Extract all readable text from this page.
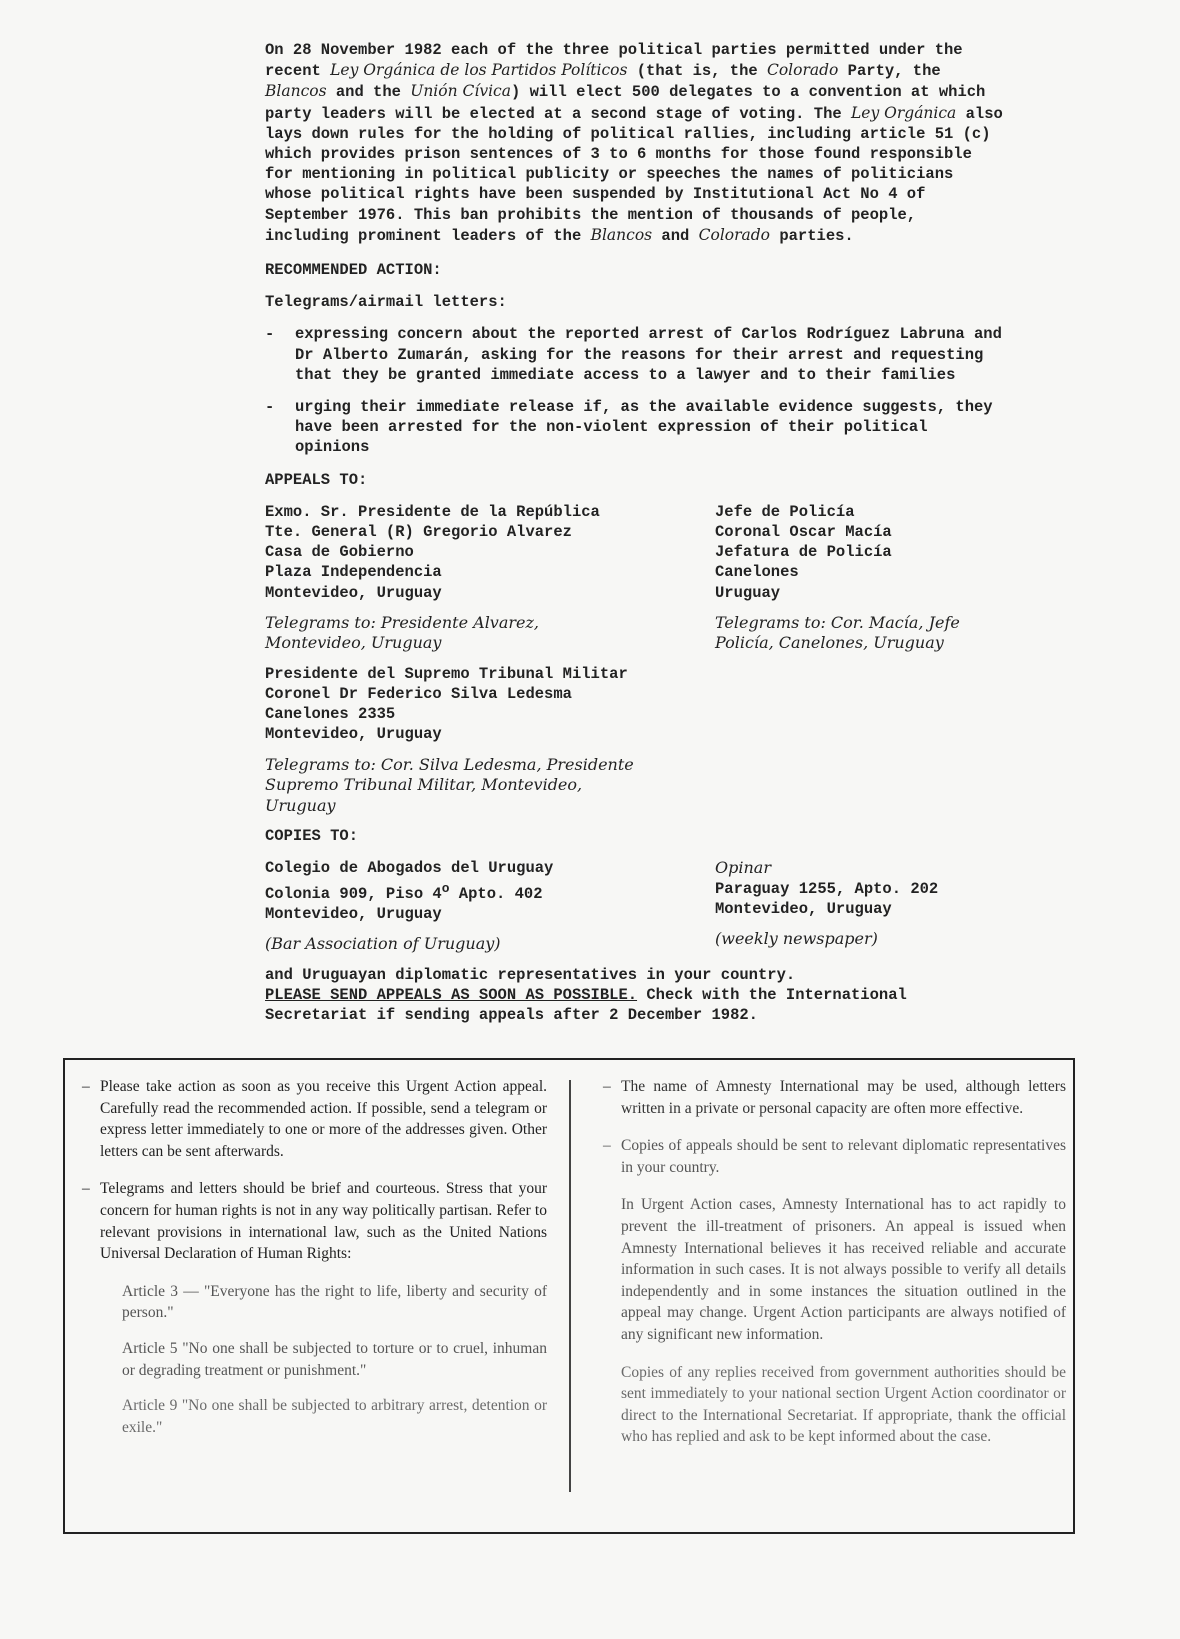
On 28 November 1982 each of the three political parties permitted under the recent Ley Orgánica de los Partidos Políticos (that is, the Colorado Party, the Blancos and the Unión Cívica) will elect 500 delegates to a convention at which party leaders will be elected at a second stage of voting. The Ley Orgánica also lays down rules for the holding of political rallies, including article 51 (c) which provides prison sentences of 3 to 6 months for those found responsible for mentioning in political publicity or speeches the names of politicians whose political rights have been suspended by Institutional Act No 4 of September 1976. This ban prohibits the mention of thousands of people, including prominent leaders of the Blancos and Colorado parties.

RECOMMENDED ACTION:

Telegrams/airmail letters:

-	expressing concern about the reported arrest of Carlos Rodríguez Labruna and Dr Alberto Zumarán, asking for the reasons for their arrest and requesting that they be granted immediate access to a lawyer and to their families
-	urging their immediate release if, as the available evidence suggests, they have been arrested for the non-violent expression of their political opinions

APPEALS TO:

Exmo. Sr. Presidente de la República
Tte. General (R) Gregorio Alvarez
Casa de Gobierno
Plaza Independencia
Montevideo, Uruguay
Telegrams to: Presidente Alvarez,
Montevideo, Uruguay
Jefe de Policía
Coronal Oscar Macía
Jefatura de Policía
Canelones
Uruguay
Telegrams to: Cor. Macía, Jefe
Policía, Canelones, Uruguay
Presidente del Supremo Tribunal Militar
Coronel Dr Federico Silva Ledesma
Canelones 2335
Montevideo, Uruguay
Telegrams to: Cor. Silva Ledesma, Presidente
Supremo Tribunal Militar, Montevideo,
Uruguay

COPIES TO:

Colegio de Abogados del Uruguay
Colonia 909, Piso 4$^o$ Apto. 402
Montevideo, Uruguay
(Bar Association of Uruguay)
Opinar
Paraguay 1255, Apto. 202
Montevideo, Uruguay
(weekly newspaper)

and Uruguayan diplomatic representatives in your country.

PLEASE SEND APPEALS AS SOON AS POSSIBLE. Check with the International
Secretariat if sending appeals after 2 December 1982.

– Please take action as soon as you receive this Urgent Action appeal. Carefully read the recommended action. If possible, send a telegram or express letter immediately to one or more of the addresses given. Other letters can be sent afterwards.
– Telegrams and letters should be brief and courteous. Stress that your concern for human rights is not in any way politically partisan. Refer to relevant provisions in international law, such as the United Nations Universal Declaration of Human Rights:

Article 3 — "Everyone has the right to life, liberty and security of person."

Article 5 "No one shall be subjected to torture or to cruel, inhuman or degrading treatment or punishment."

Article 9 "No one shall be subjected to arbitrary arrest, detention or exile."

– The name of Amnesty International may be used, although letters written in a private or personal capacity are often more effective.
– Copies of appeals should be sent to relevant diplomatic representatives in your country.

In Urgent Action cases, Amnesty International has to act rapidly to prevent the ill-treatment of prisoners. An appeal is issued when Amnesty International believes it has received reliable and accurate information in such cases. It is not always possible to verify all details independently and in some instances the situation outlined in the appeal may change. Urgent Action participants are always notified of any significant new information.

Copies of any replies received from government authorities should be sent immediately to your national section Urgent Action coordinator or direct to the International Secretariat. If appropriate, thank the official who has replied and ask to be kept informed about the case.
